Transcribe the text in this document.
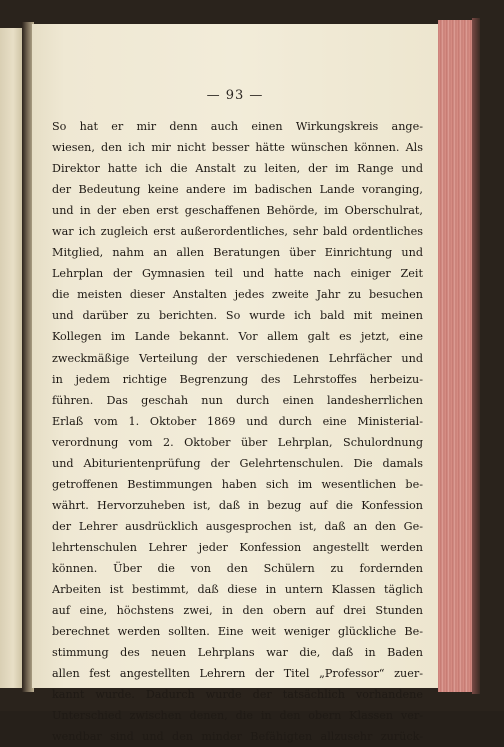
— 93 —
So hat er mir denn auch einen Wirkungskreis ange-
wiesen, den ich mir nicht besser hätte wünschen können. Als
Direktor hatte ich die Anstalt zu leiten, der im Range und
der Bedeutung keine andere im badischen Lande voranging,
und in der eben erst geschaffenen Behörde, im Oberschulrat,
war ich zugleich erst außerordentliches, sehr bald ordentliches
Mitglied, nahm an allen Beratungen über Einrichtung und
Lehrplan der Gymnasien teil und hatte nach einiger Zeit
die meisten dieser Anstalten jedes zweite Jahr zu besuchen
und darüber zu berichten. So wurde ich bald mit meinen
Kollegen im Lande bekannt. Vor allem galt es jetzt, eine
zweckmäßige Verteilung der verschiedenen Lehrfächer und
in jedem richtige Begrenzung des Lehrstoffes herbeizu-
führen. Das geschah nun durch einen landesherrlichen
Erlaß vom 1. Oktober 1869 und durch eine Ministerial-
verordnung vom 2. Oktober über Lehrplan, Schulordnung
und Abiturientenprüfung der Gelehrtenschulen. Die damals
getroffenen Bestimmungen haben sich im wesentlichen be-
währt. Hervorzuheben ist, daß in bezug auf die Konfession
der Lehrer ausdrücklich ausgesprochen ist, daß an den Ge-
lehrtenschulen Lehrer jeder Konfession angestellt werden
können. Über die von den Schülern zu fordernden
Arbeiten ist bestimmt, daß diese in untern Klassen täglich
auf eine, höchstens zwei, in den obern auf drei Stunden
berechnet werden sollten. Eine weit weniger glückliche Be-
stimmung des neuen Lehrplans war die, daß in Baden
allen fest angestellten Lehrern der Titel „Professor“ zuer-
kannt wurde. Dadurch wurde der tatsächlich vorhandene
Unterschied zwischen denen, die in den obern Klassen ver-
wendbar sind und den minder Befähigten allzusehr zurück-
